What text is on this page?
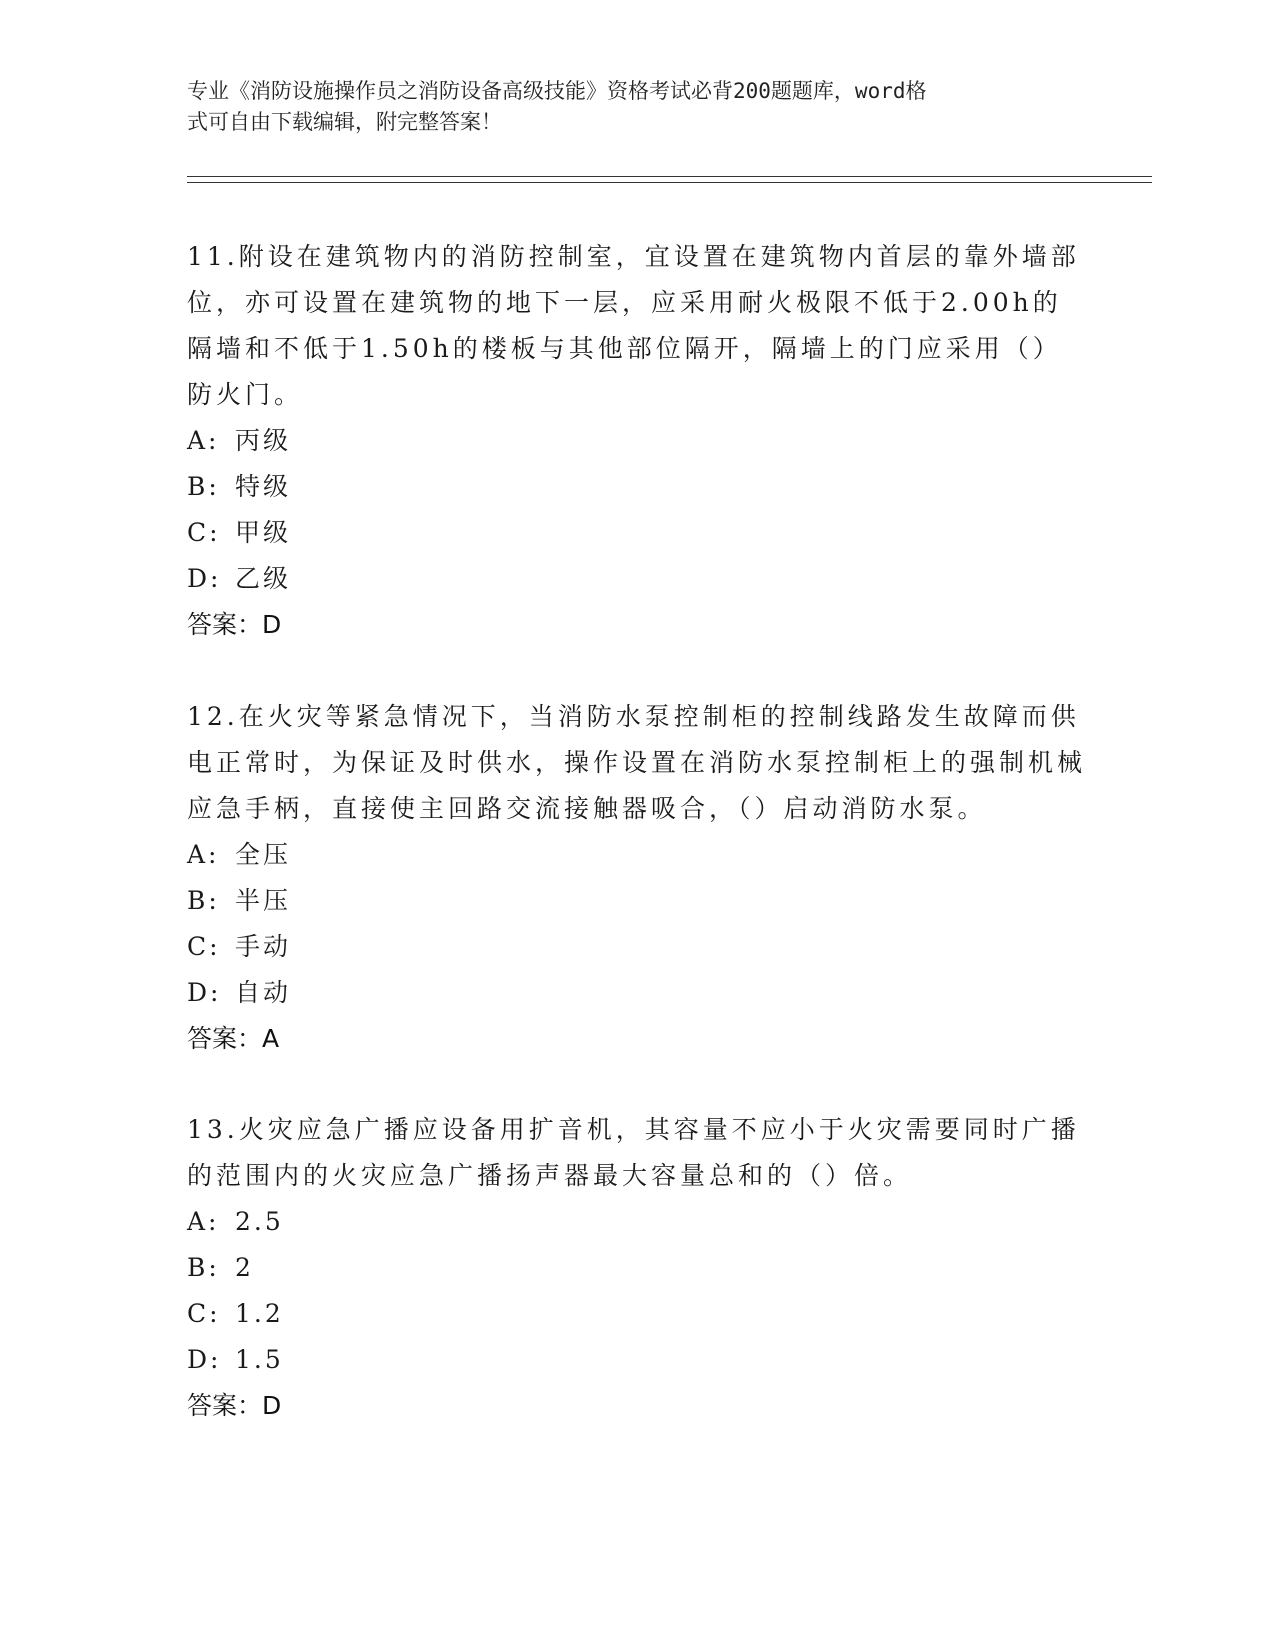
专业《消防设施操作员之消防设备高级技能》资格考试必背200题题库，word格
式可自由下载编辑，附完整答案！

11.附设在建筑物内的消防控制室，宜设置在建筑物内首层的靠外墙部位，亦可设置在建筑物的地下一层，应采用耐火极限不低于2.00h的隔墙和不低于1.50h的楼板与其他部位隔开，隔墙上的门应采用（）防火门。

A: 丙级
B: 特级
C: 甲级
D: 乙级
答案：D

12.在火灾等紧急情况下，当消防水泵控制柜的控制线路发生故障而供电正常时，为保证及时供水，操作设置在消防水泵控制柜上的强制机械应急手柄，直接使主回路交流接触器吸合，（）启动消防水泵。

A: 全压
B: 半压
C: 手动
D: 自动
答案：A

13.火灾应急广播应设备用扩音机，其容量不应小于火灾需要同时广播的范围内的火灾应急广播扬声器最大容量总和的（）倍。

A: 2.5
B: 2
C: 1.2
D: 1.5
答案：D
